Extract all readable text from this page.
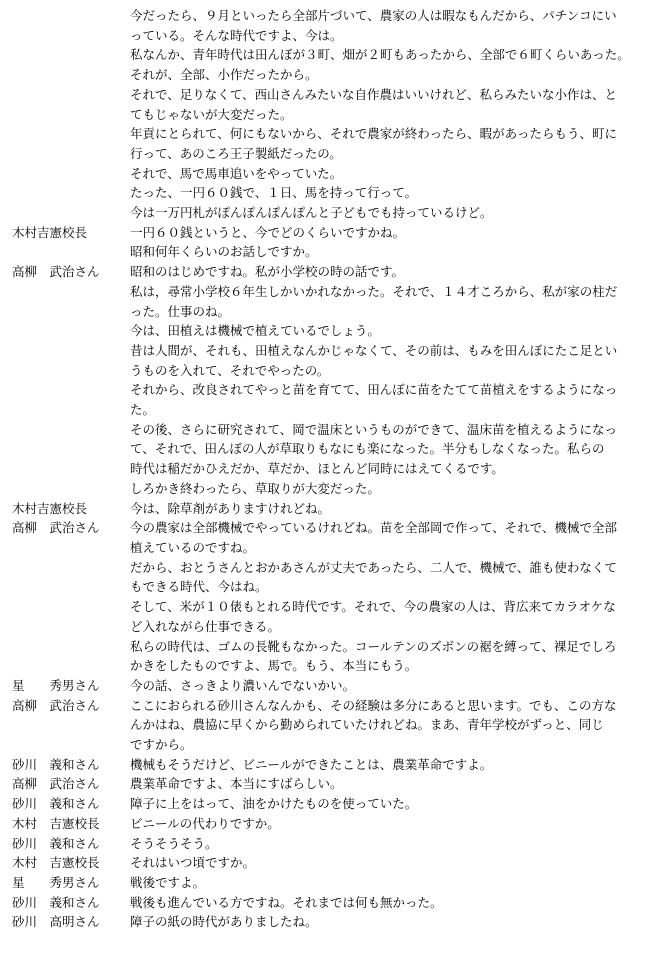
今だったら、９月といったら全部片づいて、農家の人は暇なもんだから、パチンコにい
っている。そんな時代ですよ、今は。
私なんか、青年時代は田んぼが３町、畑が２町もあったから、全部で６町くらいあった。
それが、全部、小作だったから。
それで、足りなくて、西山さんみたいな自作農はいいけれど、私らみたいな小作は、と
てもじゃないが大変だった。
年貢にとられて、何にもないから、それで農家が終わったら、暇があったらもう、町に
行って、あのころ王子製紙だったの。
それで、馬で馬車追いをやっていた。
たった、一円６０銭で、１日、馬を持って行って。
今は一万円札がぽんぽんぽんぽんと子どもでも持っているけど。
木村吉憲校長	一円６０銭というと、今でどのくらいですかね。
昭和何年くらいのお話しですか。
高柳　武治さん	昭和のはじめですね。私が小学校の時の話です。
私は，尋常小学校６年生しかいかれなかった。それで、１４才ころから、私が家の柱だ
った。仕事のね。
今は、田植えは機械で植えているでしょう。
昔は人間が、それも、田植えなんかじゃなくて、その前は、もみを田んぼにたこ足とい
うものを入れて、それでやったの。
それから、改良されてやっと苗を育てて、田んぼに苗をたてて苗植えをするようになっ
た。
その後、さらに研究されて、岡で温床というものができて、温床苗を植えるようになっ
て、それで、田んぼの人が草取りもなにも楽になった。半分もしなくなった。私らの
時代は稲だかひえだか、草だか、ほとんど同時にはえてくるです。
しろかき終わったら、草取りが大変だった。
木村吉憲校長	今は、除草剤がありますけれどね。
高柳　武治さん	今の農家は全部機械でやっているけれどね。苗を全部岡で作って、それで、機械で全部
植えているのですね。
だから、おとうさんとおかあさんが丈夫であったら、二人で、機械で、誰も使わなくて
もできる時代、今はね。
そして、米が１０俵もとれる時代です。それで、今の農家の人は、背広来てカラオケな
ど入れながら仕事できる。
私らの時代は、ゴムの長靴もなかった。コールテンのズボンの裾を縛って、裸足でしろ
かきをしたものですよ、馬で。もう、本当にもう。
星　　秀男さん	今の話、さっきより濃いんでないかい。
高柳　武治さん	ここにおられる砂川さんなんかも、その経験は多分にあると思います。でも、この方な
んかはね、農協に早くから勤められていたけれどね。まあ、青年学校がずっと、同じ
ですから。
砂川　義和さん	機械もそうだけど、ビニールができたことは、農業革命ですよ。
高柳　武治さん	農業革命ですよ、本当にすばらしい。
砂川　義和さん	障子に上をはって、油をかけたものを使っていた。
木村　吉憲校長	ビニールの代わりですか。
砂川　義和さん	そうそうそう。
木村　吉憲校長	それはいつ頃ですか。
星　　秀男さん	戦後ですよ。
砂川　義和さん	戦後も進んでいる方ですね。それまでは何も無かった。
砂川　高明さん	障子の紙の時代がありましたね。
